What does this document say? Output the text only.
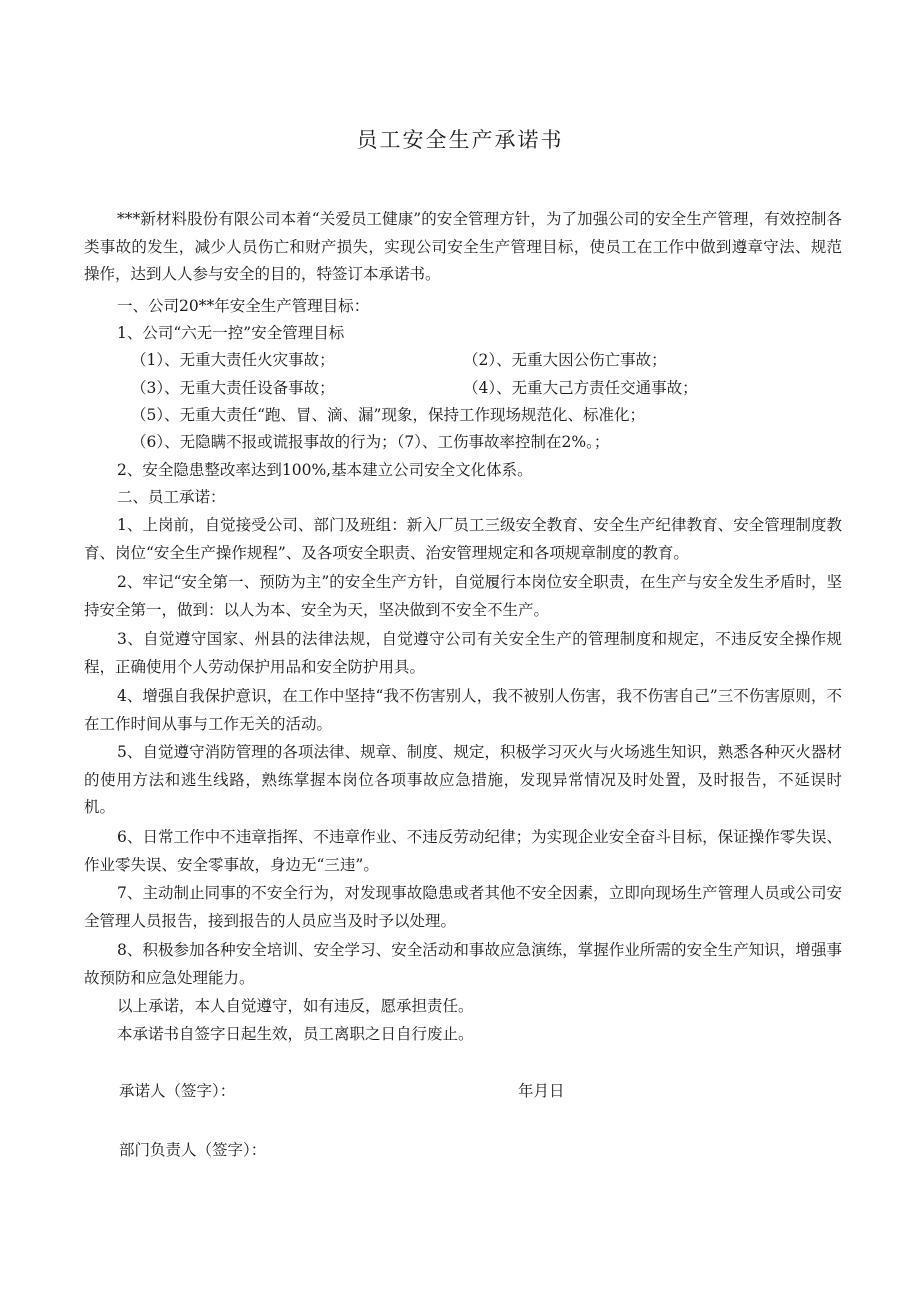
员工安全生产承诺书

***新材料股份有限公司本着“关爱员工健康”的安全管理方针，为了加强公司的安全生产管理，有效控制各类事故的发生，减少人员伤亡和财产损失，实现公司安全生产管理目标，使员工在工作中做到遵章守法、规范操作，达到人人参与安全的目的，特签订本承诺书。

一、公司20**年安全生产管理目标：
1、公司“六无一控”安全管理目标
（1）、无重大责任火灾事故；	（2）、无重大因公伤亡事故；
（3）、无重大责任设备事故；	（4）、无重大己方责任交通事故；
（5）、无重大责任“跑、冒、滴、漏”现象，保持工作现场规范化、标准化；
（6）、无隐瞒不报或谎报事故的行为；（7）、工伤事故率控制在2%。；
2、安全隐患整改率达到100%,基本建立公司安全文化体系。
二、员工承诺：

1、上岗前，自觉接受公司、部门及班组：新入厂员工三级安全教育、安全生产纪律教育、安全管理制度教育、岗位“安全生产操作规程”、及各项安全职责、治安管理规定和各项规章制度的教育。

2、牢记“安全第一、预防为主”的安全生产方针，自觉履行本岗位安全职责，在生产与安全发生矛盾时，坚持安全第一，做到：以人为本、安全为天，坚决做到不安全不生产。

3、自觉遵守国家、州县的法律法规，自觉遵守公司有关安全生产的管理制度和规定，不违反安全操作规程，正确使用个人劳动保护用品和安全防护用具。

4、增强自我保护意识，在工作中坚持“我不伤害别人，我不被别人伤害，我不伤害自己”三不伤害原则，不在工作时间从事与工作无关的活动。

5、自觉遵守消防管理的各项法律、规章、制度、规定，积极学习灭火与火场逃生知识，熟悉各种灭火器材的使用方法和逃生线路，熟练掌握本岗位各项事故应急措施，发现异常情况及时处置，及时报告，不延误时机。

6、日常工作中不违章指挥、不违章作业、不违反劳动纪律；为实现企业安全奋斗目标，保证操作零失误、作业零失误、安全零事故，身边无“三违”。

7、主动制止同事的不安全行为，对发现事故隐患或者其他不安全因素，立即向现场生产管理人员或公司安全管理人员报告，接到报告的人员应当及时予以处理。

8、积极参加各种安全培训、安全学习、安全活动和事故应急演练，掌握作业所需的安全生产知识，增强事故预防和应急处理能力。

以上承诺，本人自觉遵守，如有违反，愿承担责任。
本承诺书自签字日起生效，员工离职之日自行废止。
承诺人（签字）：	年月日
部门负责人（签字）：
